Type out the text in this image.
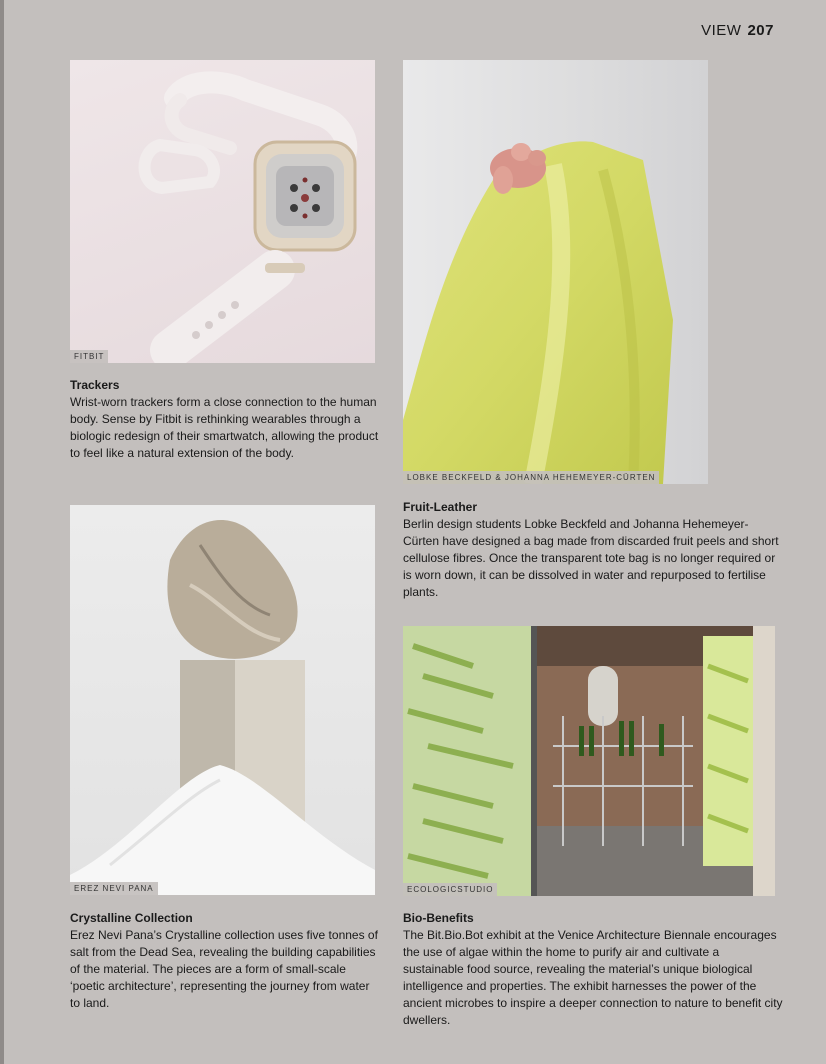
VIEW 207
FITBIT
Trackers

Wrist-worn trackers form a close connection to the human body. Sense by Fitbit is rethinking wearables through a biologic redesign of their smartwatch, allowing the product to feel like a natural extension of the body.

LOBKE BECKFELD & JOHANNA HEHEMEYER-CÜRTEN
Fruit-Leather

Berlin design students Lobke Beckfeld and Johanna Hehemeyer-Cürten have designed a bag made from discarded fruit peels and short cellulose fibres. Once the transparent tote bag is no longer required or is worn down, it can be dissolved in water and repurposed to fertilise plants.

EREZ NEVI PANA
Crystalline Collection

Erez Nevi Pana’s Crystalline collection uses five tonnes of salt from the Dead Sea, revealing the building capabilities of the material. The pieces are a form of small-scale ‘poetic architecture’, representing the journey from water to land.

ECOLOGICSTUDIO
Bio-Benefits

The Bit.Bio.Bot exhibit at the Venice Architecture Biennale encourages the use of algae within the home to purify air and cultivate a sustainable food source, revealing the material’s unique biological intelligence and properties. The exhibit harnesses the power of the ancient microbes to inspire a deeper connection to nature to benefit city dwellers.
